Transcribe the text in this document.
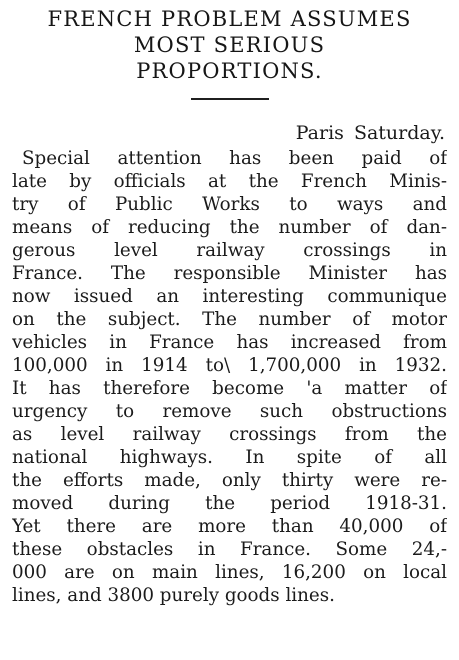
FRENCH PROBLEM ASSUMES
MOST SERIOUS
PROPORTIONS.

Paris Saturday.

Special attention has been paid of
late by officials at the French Minis-
try of Public Works to ways and
means of reducing the number of dan-
gerous level railway crossings in
France. The responsible Minister has
now issued an interesting communique
on the subject. The number of motor
vehicles in France has increased from
100,000 in 1914 to\ 1,700,000 in 1932.
It has therefore become 'a matter of
urgency to remove such obstructions
as level railway crossings from the
national highways. In spite of all
the efforts made, only thirty were re-
moved during the period 1918-31.
Yet there are more than 40,000 of
these obstacles in France. Some 24,-
000 are on main lines, 16,200 on local
lines, and 3800 purely goods lines.
